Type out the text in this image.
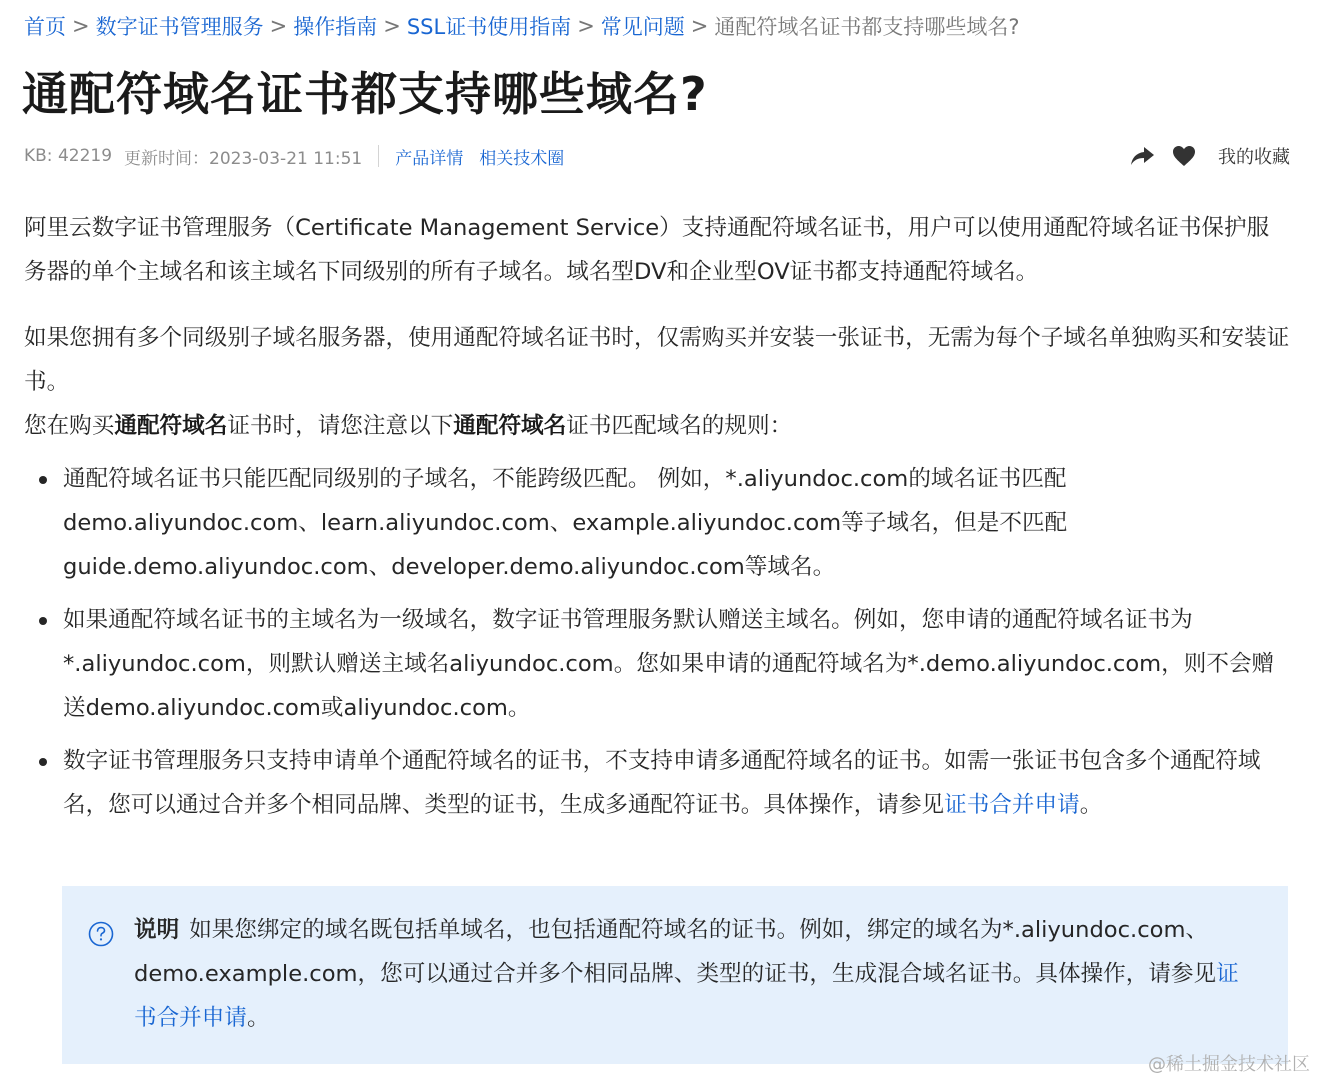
首页 > 数字证书管理服务 > 操作指南 > SSL证书使用指南 > 常见问题 > 通配符域名证书都支持哪些域名?
通配符域名证书都支持哪些域名?
KB: 42219 更新时间：2023-03-21 11:51 产品详情 相关技术圈	我的收藏

阿里云数字证书管理服务（Certificate Management Service）支持通配符域名证书，用户可以使用通配符域名证书保护服务器的单个主域名和该主域名下同级别的所有子域名。域名型DV和企业型OV证书都支持通配符域名。

如果您拥有多个同级别子域名服务器，使用通配符域名证书时，仅需购买并安装一张证书，无需为每个子域名单独购买和安装证书。

您在购买通配符域名证书时，请您注意以下通配符域名证书匹配域名的规则：

通配符域名证书只能匹配同级别的子域名，不能跨级匹配。 例如，*.aliyundoc.com的域名证书匹配demo.aliyundoc.com、learn.aliyundoc.com、example.aliyundoc.com等子域名，但是不匹配guide.demo.aliyundoc.com、developer.demo.aliyundoc.com等域名。
如果通配符域名证书的主域名为一级域名，数字证书管理服务默认赠送主域名。例如，您申请的通配符域名证书为*.aliyundoc.com，则默认赠送主域名aliyundoc.com。您如果申请的通配符域名为*.demo.aliyundoc.com，则不会赠送demo.aliyundoc.com或aliyundoc.com。
数字证书管理服务只支持申请单个通配符域名的证书，不支持申请多通配符域名的证书。如需一张证书包含多个通配符域名，您可以通过合并多个相同品牌、类型的证书，生成多通配符证书。具体操作，请参见证书合并申请。
说明 如果您绑定的域名既包括单域名，也包括通配符域名的证书。例如，绑定的域名为*.aliyundoc.com、demo.example.com，您可以通过合并多个相同品牌、类型的证书，生成混合域名证书。具体操作，请参见证书合并申请。
@稀土掘金技术社区
